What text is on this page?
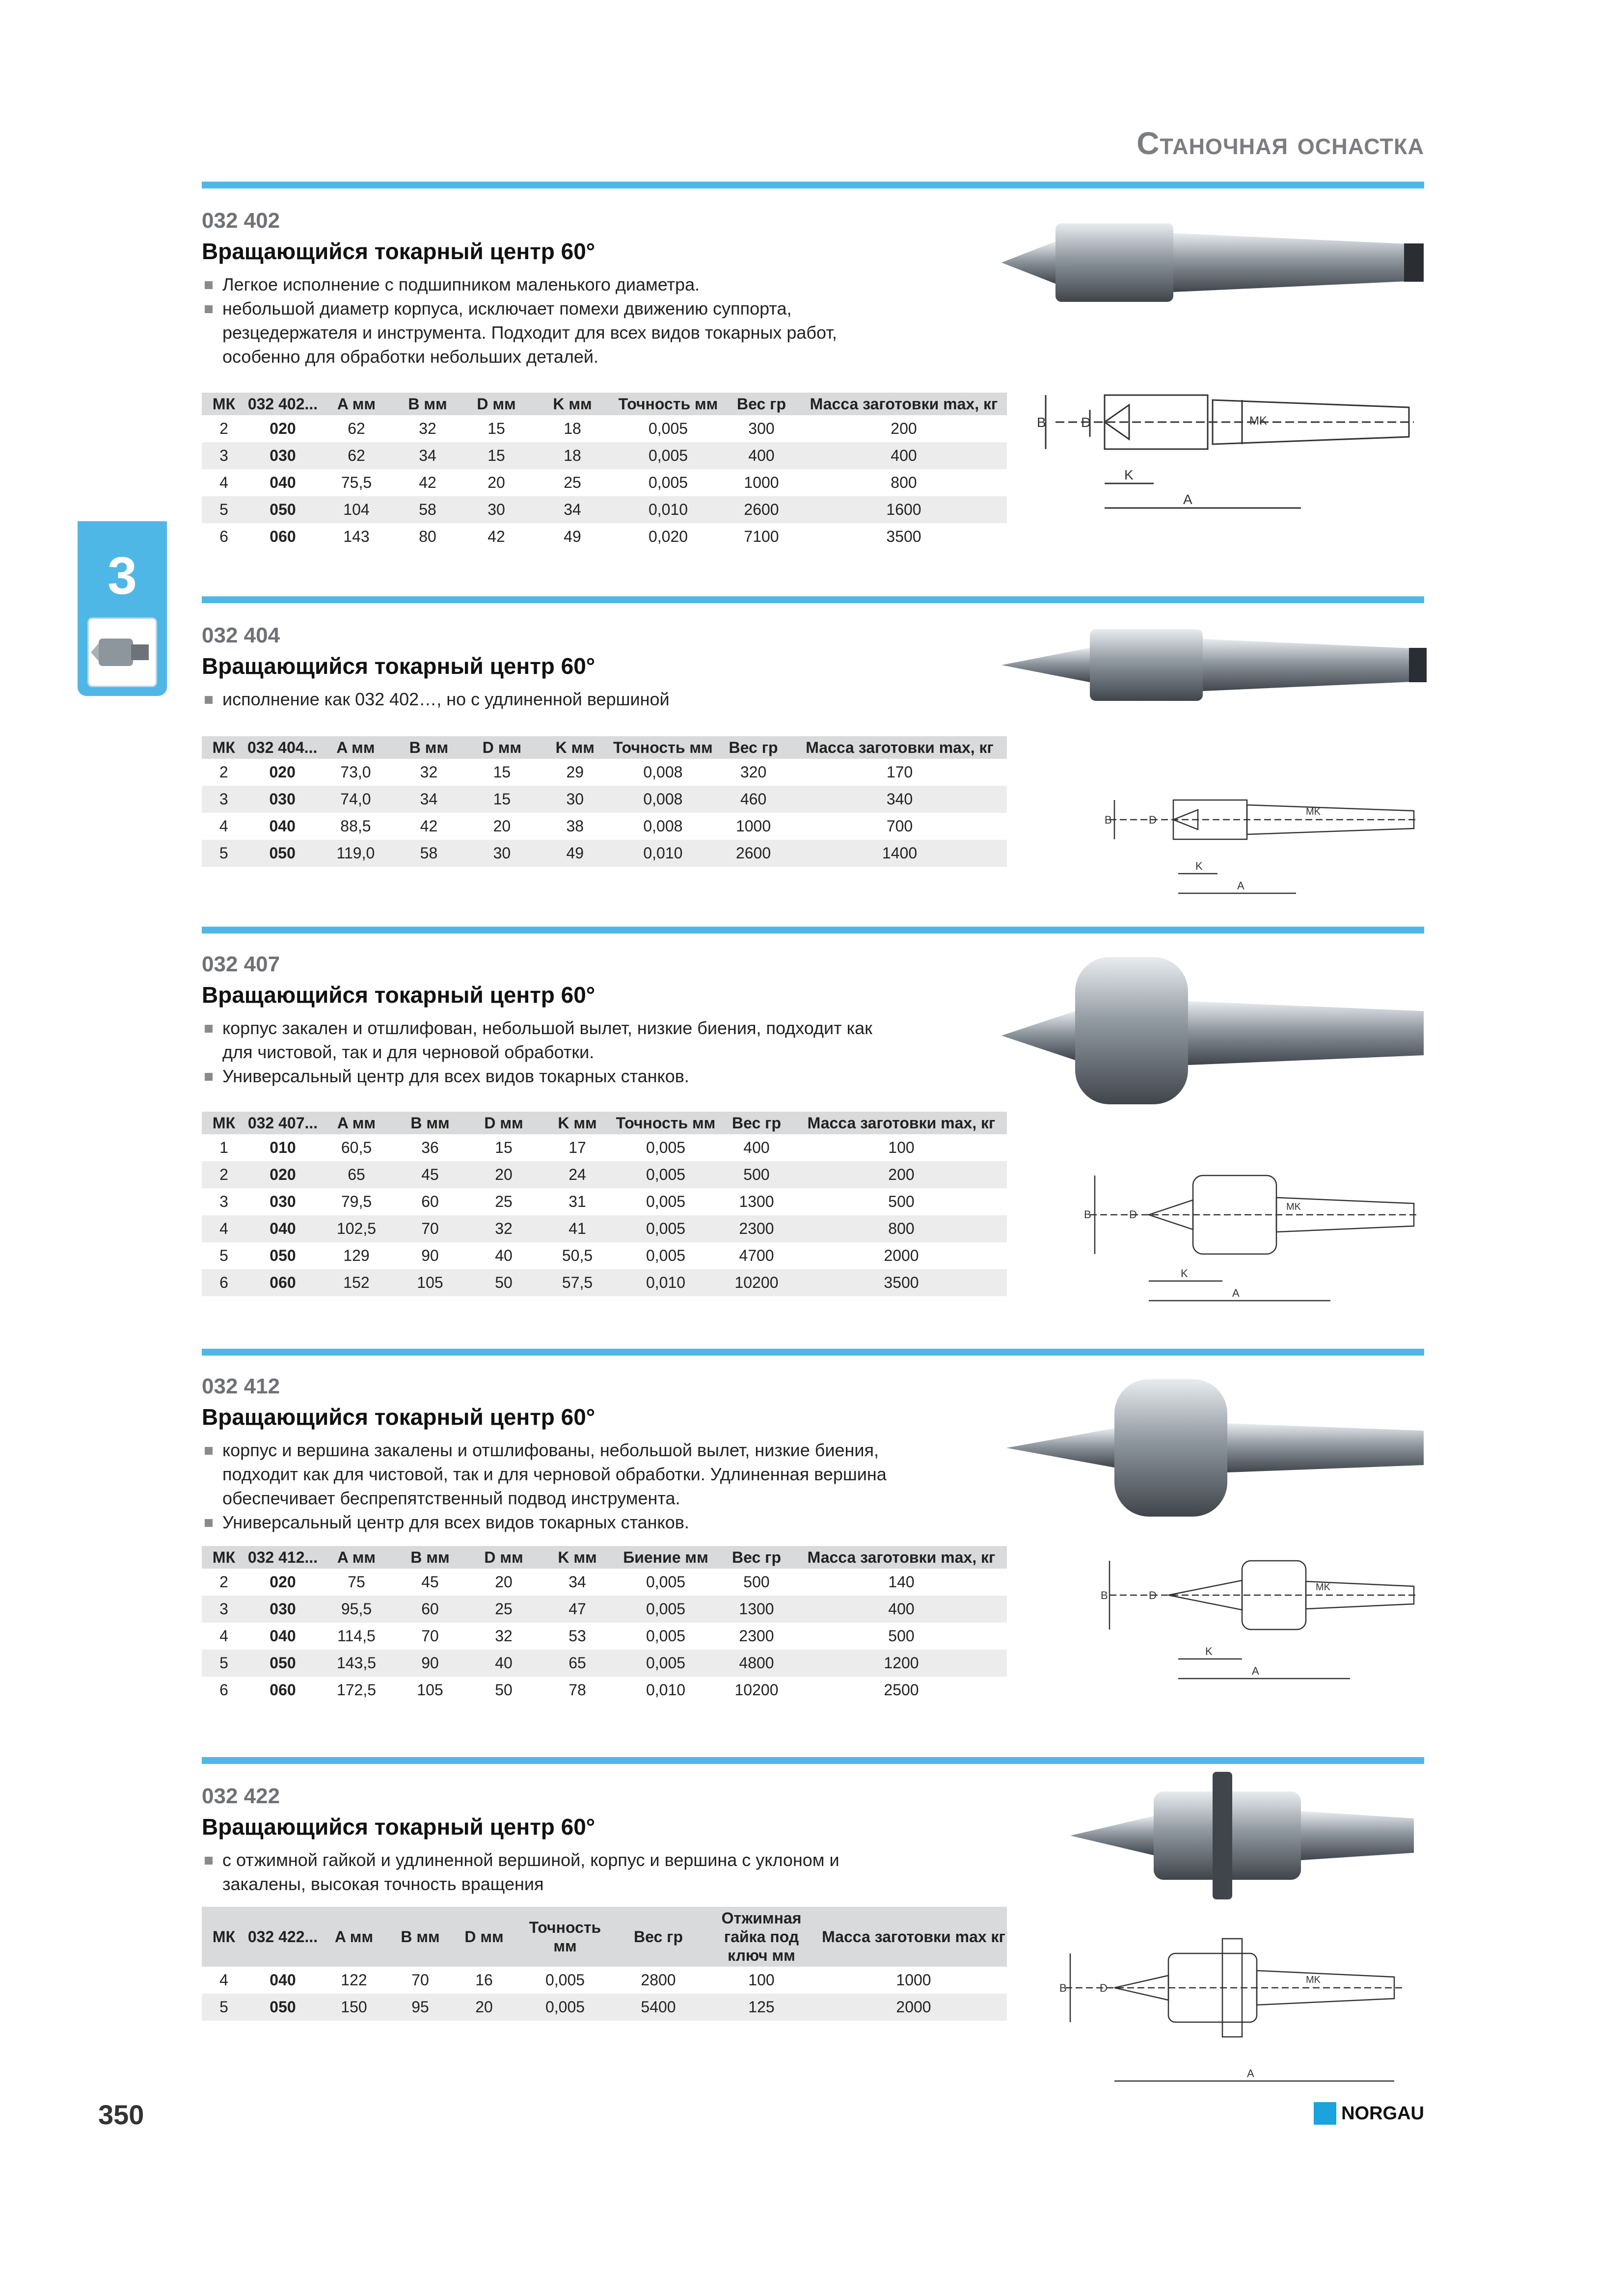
Станочная оснастка
3
032 402
Вращающийся токарный центр 60°
Легкое исполнение с подшипником маленького диаметра.
небольшой диаметр корпуса, исключает помехи движению суппорта, резцедержателя и инструмента. Подходит для всех видов токарных работ, особенно для обработки небольших деталей.
МК	032 402...	A мм	B мм	D мм	K мм	Точность мм	Вес гр	Масса заготовки max, кг
2	020	62	32	15	18	0,005	300	200
3	030	62	34	15	18	0,005	400	400
4	040	75,5	42	20	25	0,005	1000	800
5	050	104	58	30	34	0,010	2600	1600
6	060	143	80	42	49	0,020	7100	3500
032 404
Вращающийся токарный центр 60°
исполнение как 032 402…, но с удлиненной вершиной
МК	032 404...	A мм	B мм	D мм	K мм	Точность мм	Вес гр	Масса заготовки max, кг
2	020	73,0	32	15	29	0,008	320	170
3	030	74,0	34	15	30	0,008	460	340
4	040	88,5	42	20	38	0,008	1000	700
5	050	119,0	58	30	49	0,010	2600	1400
032 407
Вращающийся токарный центр 60°
корпус закален и отшлифован, небольшой вылет, низкие биения, подходит как для чистовой, так и для черновой обработки.
Универсальный центр для всех видов токарных станков.
МК	032 407...	A мм	B мм	D мм	K мм	Точность мм	Вес гр	Масса заготовки max, кг
1	010	60,5	36	15	17	0,005	400	100
2	020	65	45	20	24	0,005	500	200
3	030	79,5	60	25	31	0,005	1300	500
4	040	102,5	70	32	41	0,005	2300	800
5	050	129	90	40	50,5	0,005	4700	2000
6	060	152	105	50	57,5	0,010	10200	3500
032 412
Вращающийся токарный центр 60°
корпус и вершина закалены и отшлифованы, небольшой вылет, низкие биения, подходит как для чистовой, так и для черновой обработки. Удлиненная вершина обеспечивает беспрепятственный подвод инструмента.
Универсальный центр для всех видов токарных станков.
МК	032 412...	A мм	B мм	D мм	K мм	Биение мм	Вес гр	Масса заготовки max, кг
2	020	75	45	20	34	0,005	500	140
3	030	95,5	60	25	47	0,005	1300	400
4	040	114,5	70	32	53	0,005	2300	500
5	050	143,5	90	40	65	0,005	4800	1200
6	060	172,5	105	50	78	0,010	10200	2500
032 422
Вращающийся токарный центр 60°
с отжимной гайкой и удлиненной вершиной, корпус и вершина с уклоном и закалены, высокая точность вращения
МК	032 422...	A мм	B мм	D мм	Точность мм	Вес гр	Отжимная гайка под ключ мм	Масса заготовки max кг
4	040	122	70	16	0,005	2800	100	1000
5	050	150	95	20	0,005	5400	125	2000
B	D
K
A
MK
B	D
K
A
MK
B	D
K
A
MK
B	D
K
A
MK
B	D
A
MK
350	NORGAU
